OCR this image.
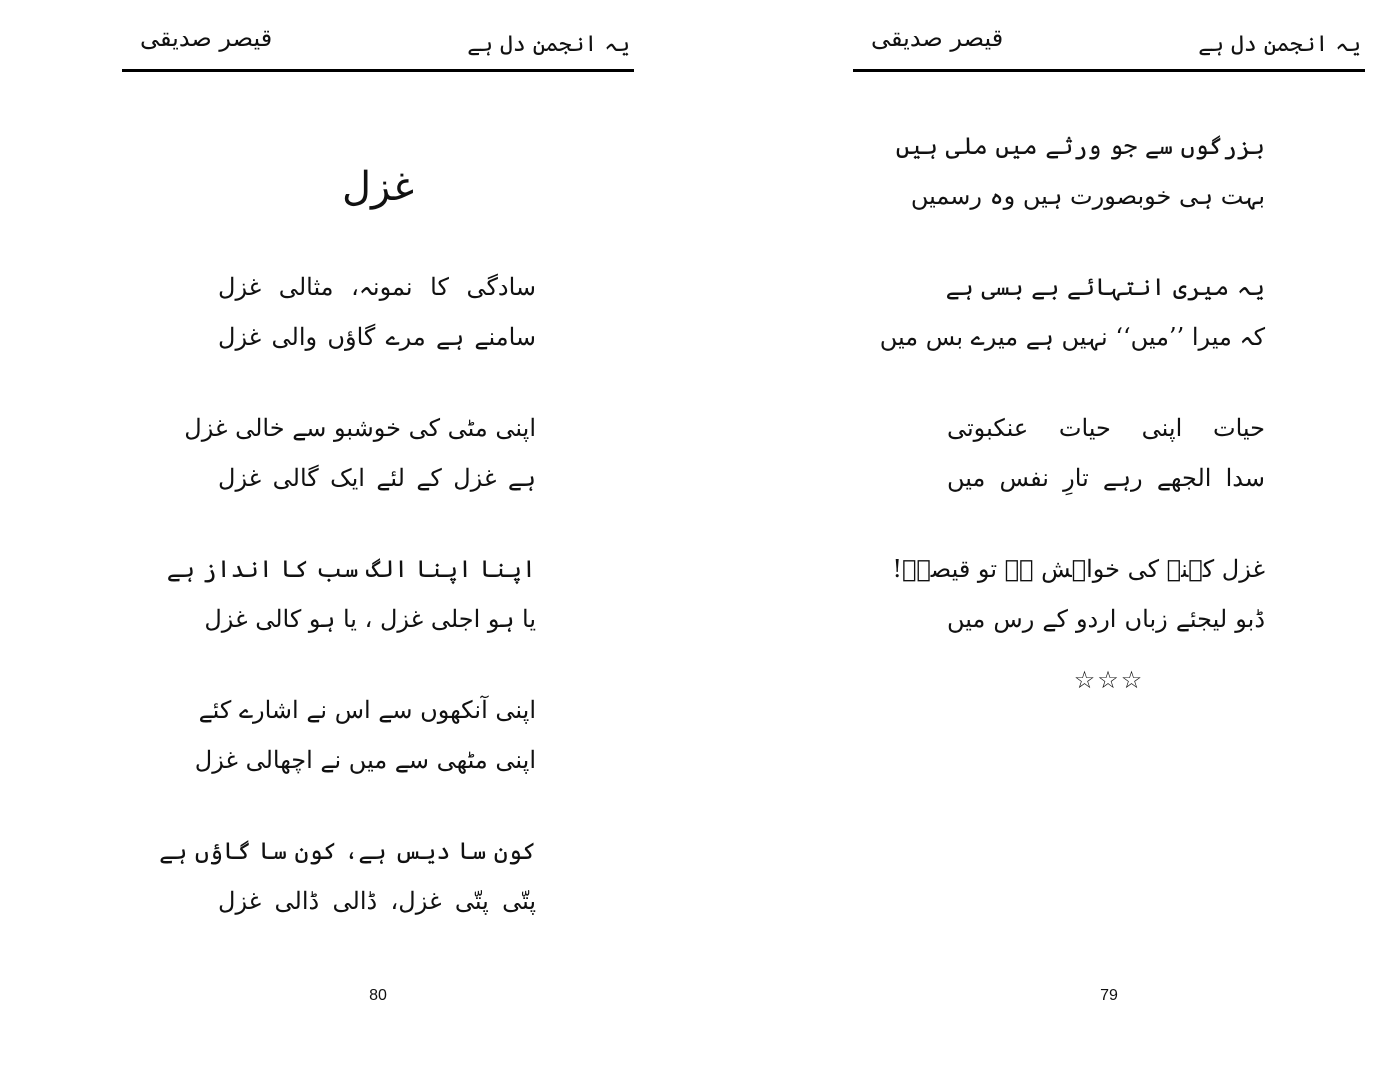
یہ انجمن دل ہے
قیصر صدیقی
غزل
سادگی کا نمونہ، مثالی غزل
سامنے ہے مرے گاؤں والی غزل
اپنی مٹی کی خوشبو سے خالی غزل
ہے غزل کے لئے ایک گالی غزل
اپنا اپنا الگ سب کا انداز ہے
یا ہو اجلی غزل ، یا ہو کالی غزل
اپنی آنکھوں سے اس نے اشارے کئے
اپنی مٹھی سے میں نے اچھالی غزل
کون سا دیس ہے، کون سا گاؤں ہے
پتّی پتّی غزل، ڈالی ڈالی غزل
80
یہ انجمن دل ہے
قیصر صدیقی
بزرگوں سے جو ورثے میں ملی ہیں
بہت ہی خوبصورت ہیں وہ رسمیں
یہ میری انتہائے بے بسی ہے
کہ میرا ’’میں‘‘ نہیں ہے میرے بس میں
حیات اپنی حیات عنکبوتی
سدا الجھے رہے تارِ نفس میں
غزل کہنے کی خواہش ہے تو قیصرؔ!
ڈبو لیجئے زباں اردو کے رس میں
☆☆☆
79
